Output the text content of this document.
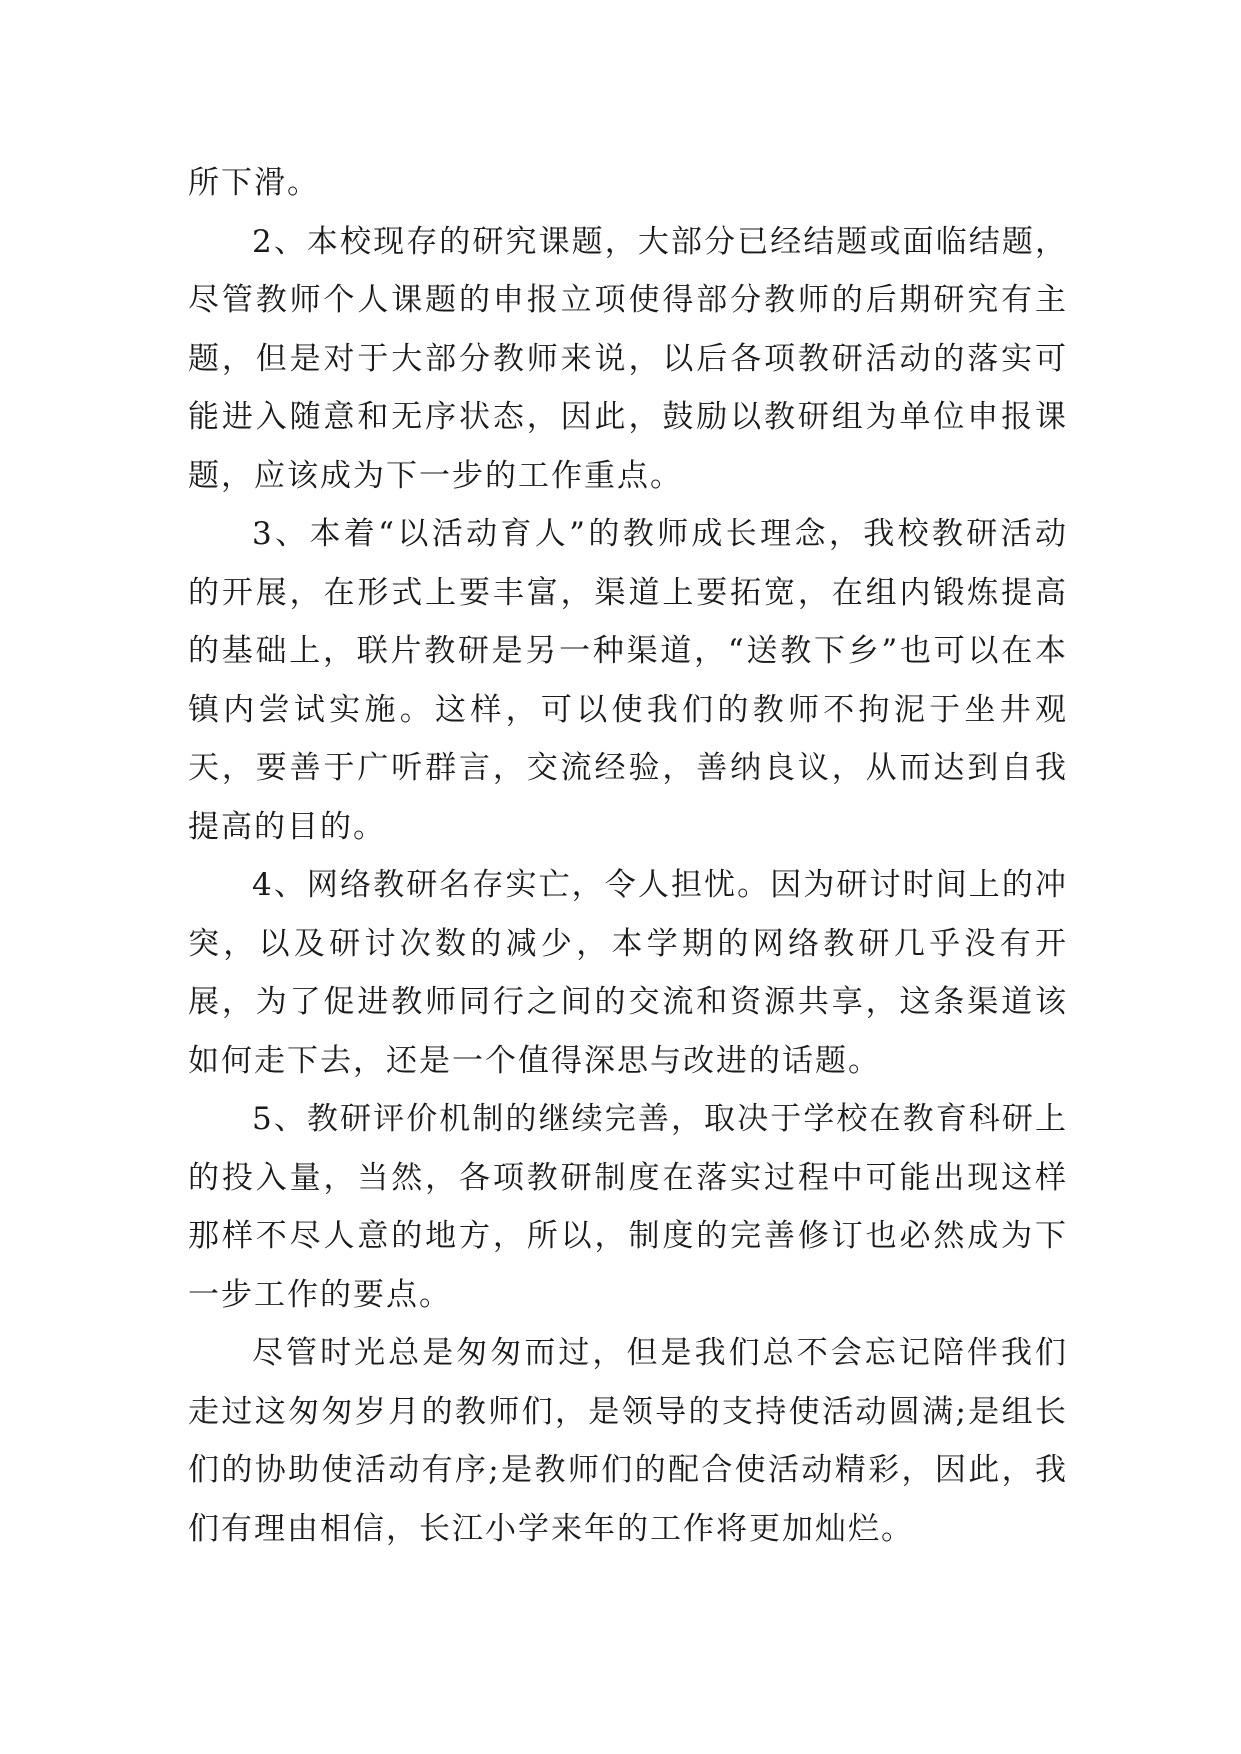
所下滑。

2、本校现存的研究课题，大部分已经结题或面临结题，尽管教师个人课题的申报立项使得部分教师的后期研究有主题，但是对于大部分教师来说，以后各项教研活动的落实可能进入随意和无序状态，因此，鼓励以教研组为单位申报课题，应该成为下一步的工作重点。

3、本着“以活动育人”的教师成长理念，我校教研活动的开展，在形式上要丰富，渠道上要拓宽，在组内锻炼提高的基础上，联片教研是另一种渠道，“送教下乡”也可以在本镇内尝试实施。这样，可以使我们的教师不拘泥于坐井观天，要善于广听群言，交流经验，善纳良议，从而达到自我提高的目的。

4、网络教研名存实亡，令人担忧。因为研讨时间上的冲突，以及研讨次数的减少，本学期的网络教研几乎没有开展，为了促进教师同行之间的交流和资源共享，这条渠道该如何走下去，还是一个值得深思与改进的话题。

5、教研评价机制的继续完善，取决于学校在教育科研上的投入量，当然，各项教研制度在落实过程中可能出现这样那样不尽人意的地方，所以，制度的完善修订也必然成为下一步工作的要点。

尽管时光总是匆匆而过，但是我们总不会忘记陪伴我们走过这匆匆岁月的教师们，是领导的支持使活动圆满;是组长们的协助使活动有序;是教师们的配合使活动精彩，因此，我们有理由相信，长江小学来年的工作将更加灿烂。
